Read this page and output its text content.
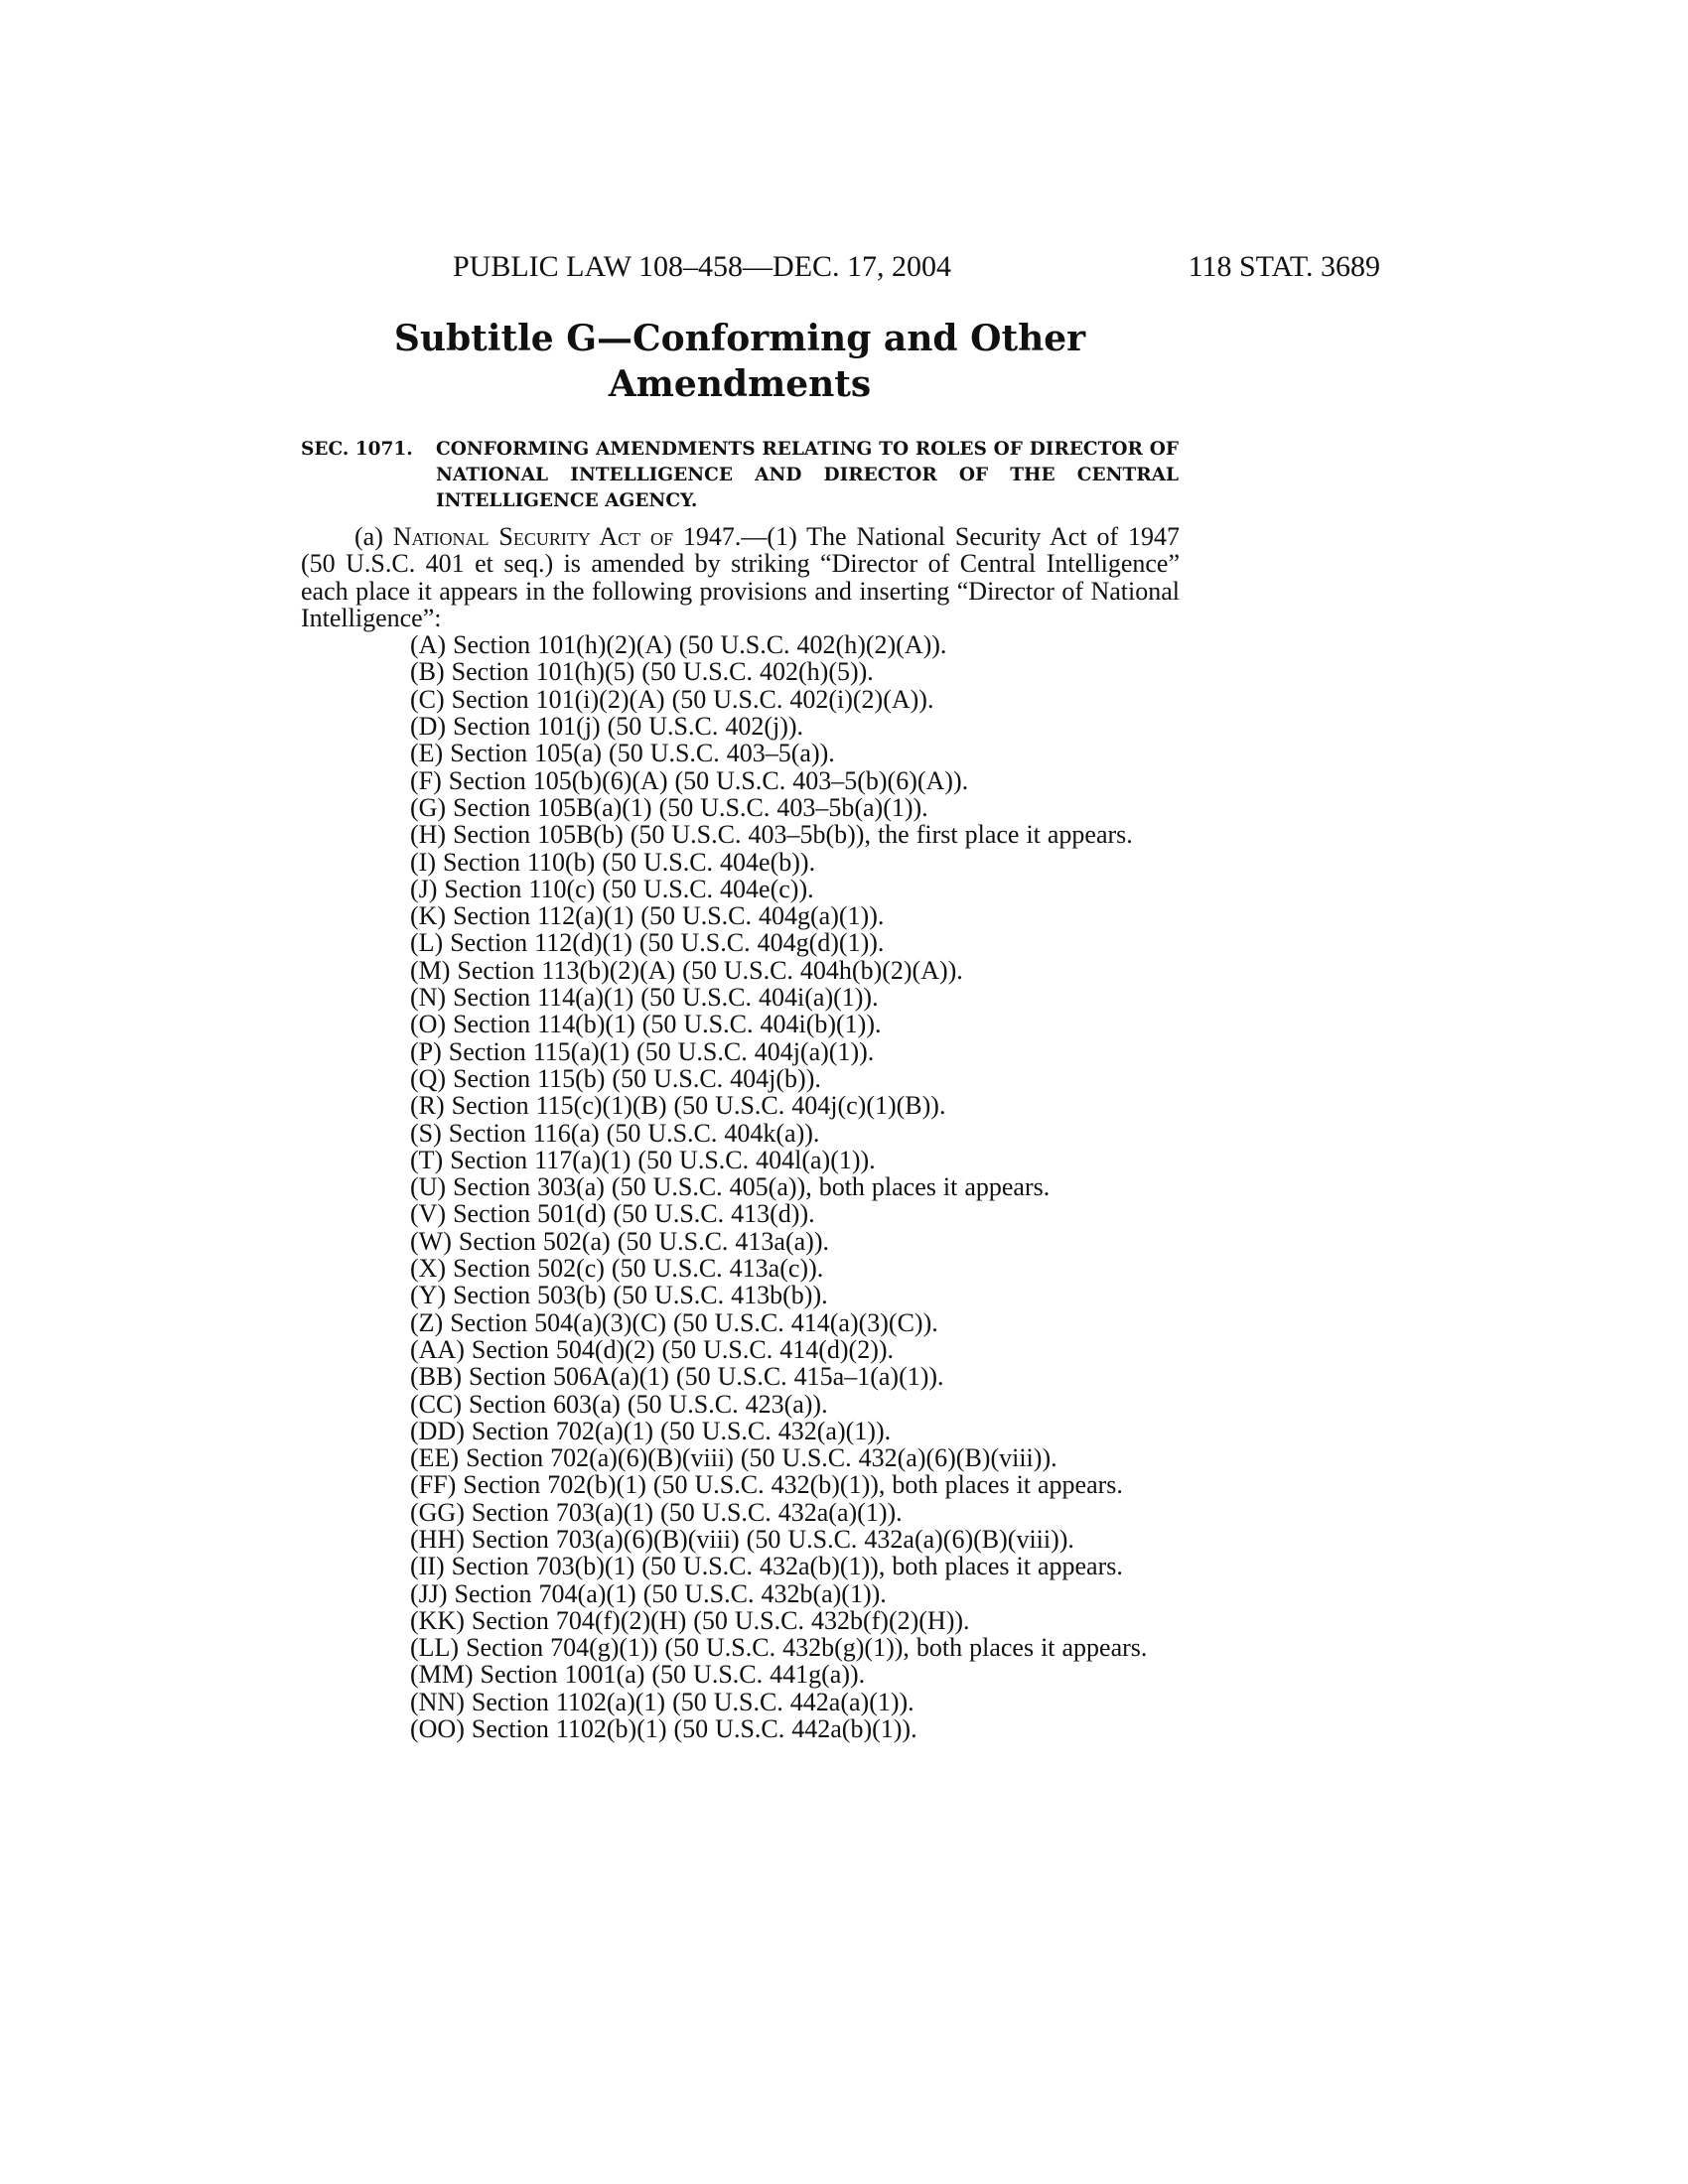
PUBLIC LAW 108–458—DEC. 17, 2004	118 STAT. 3689
Subtitle G—Conforming and Other
Amendments
SEC. 1071. CONFORMING AMENDMENTS RELATING TO ROLES OF DIRECTOR OF NATIONAL INTELLIGENCE AND DIRECTOR OF THE CENTRAL INTELLIGENCE AGENCY.

(a) National Security Act of 1947.—(1) The National Security Act of 1947 (50 U.S.C. 401 et seq.) is amended by striking “Director of Central Intelligence” each place it appears in the following provisions and inserting “Director of National Intelligence”:

(A) Section 101(h)(2)(A) (50 U.S.C. 402(h)(2)(A)).
(B) Section 101(h)(5) (50 U.S.C. 402(h)(5)).
(C) Section 101(i)(2)(A) (50 U.S.C. 402(i)(2)(A)).
(D) Section 101(j) (50 U.S.C. 402(j)).
(E) Section 105(a) (50 U.S.C. 403–5(a)).
(F) Section 105(b)(6)(A) (50 U.S.C. 403–5(b)(6)(A)).
(G) Section 105B(a)(1) (50 U.S.C. 403–5b(a)(1)).
(H) Section 105B(b) (50 U.S.C. 403–5b(b)), the first place it appears.
(I) Section 110(b) (50 U.S.C. 404e(b)).
(J) Section 110(c) (50 U.S.C. 404e(c)).
(K) Section 112(a)(1) (50 U.S.C. 404g(a)(1)).
(L) Section 112(d)(1) (50 U.S.C. 404g(d)(1)).
(M) Section 113(b)(2)(A) (50 U.S.C. 404h(b)(2)(A)).
(N) Section 114(a)(1) (50 U.S.C. 404i(a)(1)).
(O) Section 114(b)(1) (50 U.S.C. 404i(b)(1)).
(P) Section 115(a)(1) (50 U.S.C. 404j(a)(1)).
(Q) Section 115(b) (50 U.S.C. 404j(b)).
(R) Section 115(c)(1)(B) (50 U.S.C. 404j(c)(1)(B)).
(S) Section 116(a) (50 U.S.C. 404k(a)).
(T) Section 117(a)(1) (50 U.S.C. 404l(a)(1)).
(U) Section 303(a) (50 U.S.C. 405(a)), both places it appears.
(V) Section 501(d) (50 U.S.C. 413(d)).
(W) Section 502(a) (50 U.S.C. 413a(a)).
(X) Section 502(c) (50 U.S.C. 413a(c)).
(Y) Section 503(b) (50 U.S.C. 413b(b)).
(Z) Section 504(a)(3)(C) (50 U.S.C. 414(a)(3)(C)).
(AA) Section 504(d)(2) (50 U.S.C. 414(d)(2)).
(BB) Section 506A(a)(1) (50 U.S.C. 415a–1(a)(1)).
(CC) Section 603(a) (50 U.S.C. 423(a)).
(DD) Section 702(a)(1) (50 U.S.C. 432(a)(1)).
(EE) Section 702(a)(6)(B)(viii) (50 U.S.C. 432(a)(6)(B)(viii)).
(FF) Section 702(b)(1) (50 U.S.C. 432(b)(1)), both places it appears.
(GG) Section 703(a)(1) (50 U.S.C. 432a(a)(1)).
(HH) Section 703(a)(6)(B)(viii) (50 U.S.C. 432a(a)(6)(B)(viii)).
(II) Section 703(b)(1) (50 U.S.C. 432a(b)(1)), both places it appears.
(JJ) Section 704(a)(1) (50 U.S.C. 432b(a)(1)).
(KK) Section 704(f)(2)(H) (50 U.S.C. 432b(f)(2)(H)).
(LL) Section 704(g)(1)) (50 U.S.C. 432b(g)(1)), both places it appears.
(MM) Section 1001(a) (50 U.S.C. 441g(a)).
(NN) Section 1102(a)(1) (50 U.S.C. 442a(a)(1)).
(OO) Section 1102(b)(1) (50 U.S.C. 442a(b)(1)).
